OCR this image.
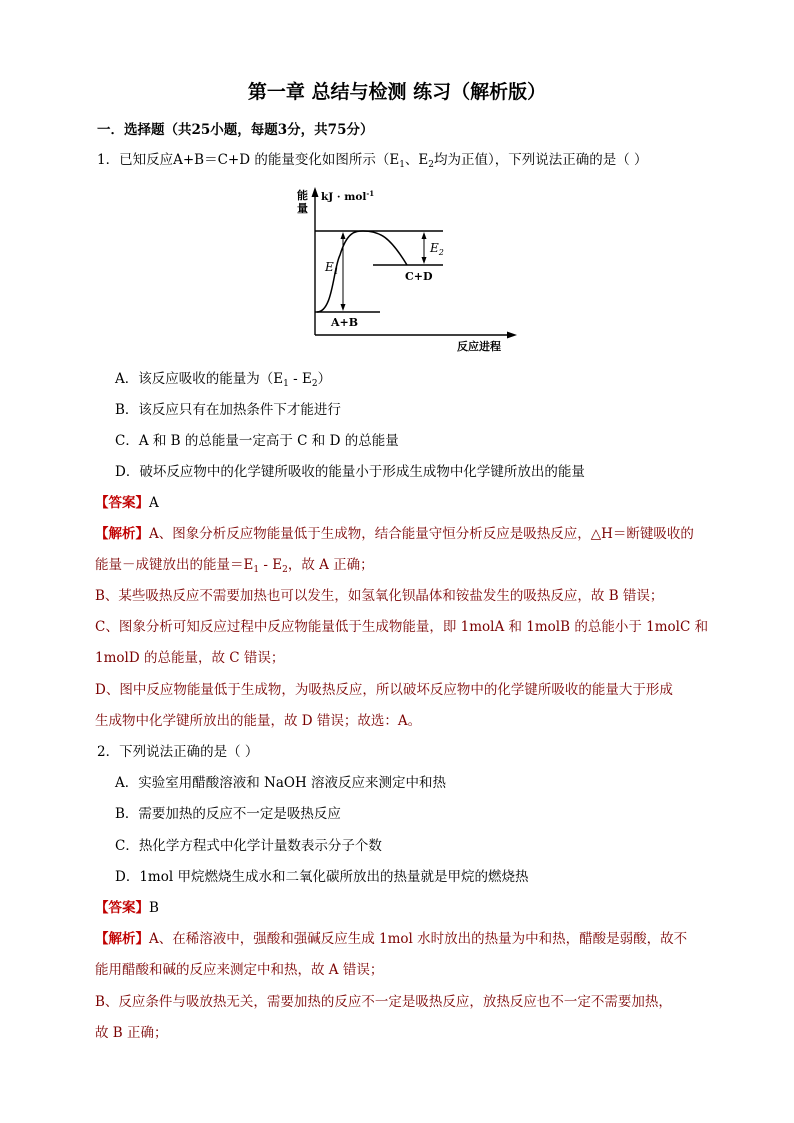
第一章 总结与检测 练习（解析版）
一．选择题（共25小题，每题3分，共75分）
1．已知反应A+B＝C+D 的能量变化如图所示（$E_1$、$E_2$均为正值），下列说法正确的是（ ）
能
量
kJ · mol$^{-1}$
$E_1$
$E_2$
A+B
C+D
反应进程
A．该反应吸收的能量为$(E_1 - E_2)$
B．该反应只有在加热条件下才能进行
C．A 和 B 的总能量一定高于 C 和 D 的总能量
D．破坏反应物中的化学键所吸收的能量小于形成生成物中化学键所放出的能量
【答案】A
【解析】A、图象分析反应物能量低于生成物，结合能量守恒分析反应是吸热反应，△H＝断键吸收的
能量－成键放出的能量$=E_1 - E_2$，故 A 正确；
B、某些吸热反应不需要加热也可以发生，如氢氧化钡晶体和铵盐发生的吸热反应，故 B 错误；
C、图象分析可知反应过程中反应物能量低于生成物能量，即 1molA 和 1molB 的总能小于 1molC 和
1molD 的总能量，故 C 错误；
D、图中反应物能量低于生成物，为吸热反应，所以破坏反应物中的化学键所吸收的能量大于形成
生成物中化学键所放出的能量，故 D 错误；故选：A。
2．下列说法正确的是（ ）
A．实验室用醋酸溶液和 NaOH 溶液反应来测定中和热
B．需要加热的反应不一定是吸热反应
C．热化学方程式中化学计量数表示分子个数
D．1mol 甲烷燃烧生成水和二氧化碳所放出的热量就是甲烷的燃烧热
【答案】B
【解析】A、在稀溶液中，强酸和强碱反应生成 1mol 水时放出的热量为中和热，醋酸是弱酸，故不
能用醋酸和碱的反应来测定中和热，故 A 错误；
B、反应条件与吸放热无关，需要加热的反应不一定是吸热反应，放热反应也不一定不需要加热，
故 B 正确；
